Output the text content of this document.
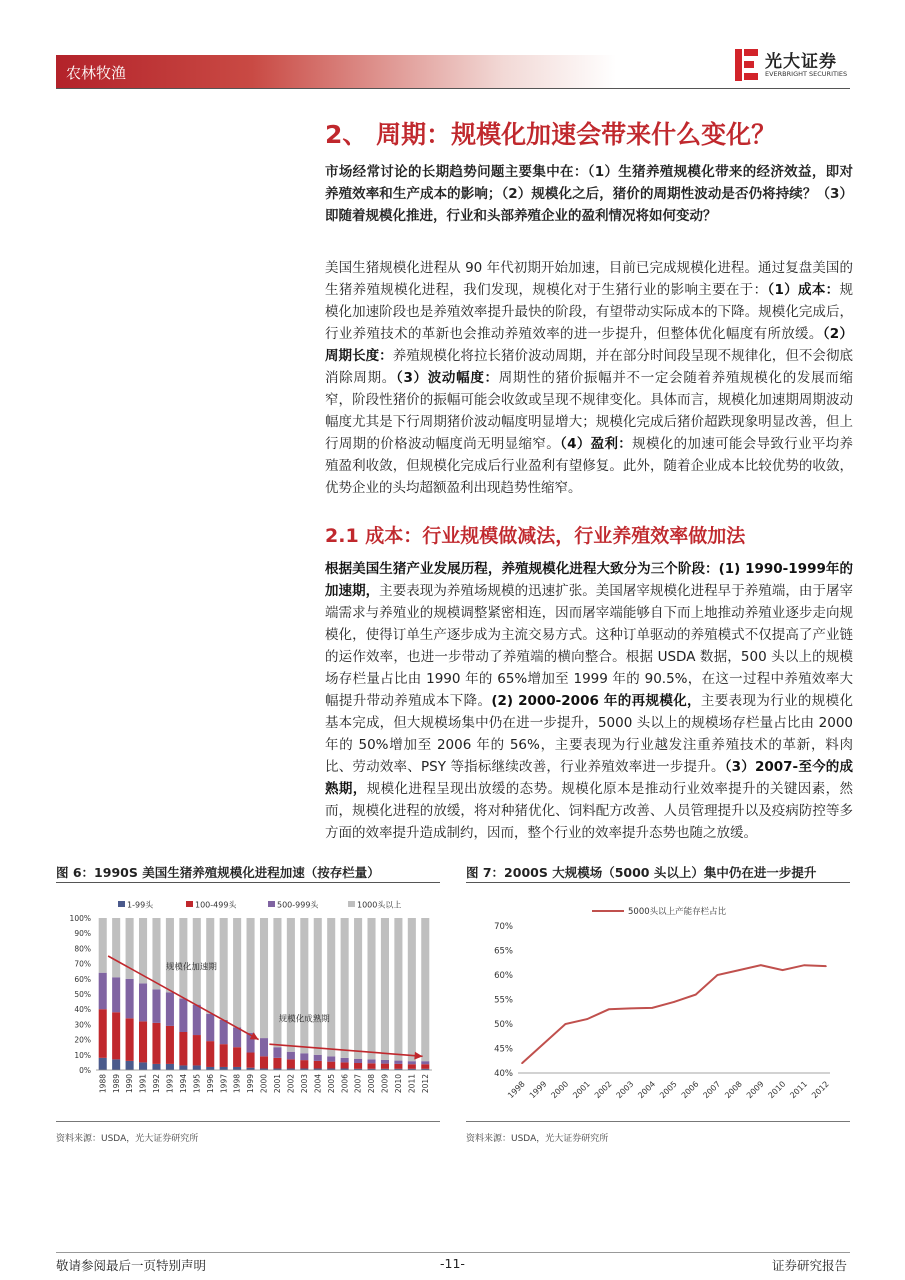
农林牧渔
光大证券
EVERBRIGHT SECURITIES
2、 周期：规模化加速会带来什么变化？
市场经常讨论的长期趋势问题主要集中在：（1）生猪养殖规模化带来的经济效益，即对养殖效率和生产成本的影响；（2）规模化之后，猪价的周期性波动是否仍将持续？（3）即随着规模化推进，行业和头部养殖企业的盈利情况将如何变动？
美国生猪规模化进程从 90 年代初期开始加速，目前已完成规模化进程。通过复盘美国的生猪养殖规模化进程，我们发现，规模化对于生猪行业的影响主要在于：（1）成本：规模化加速阶段也是养殖效率提升最快的阶段，有望带动实际成本的下降。规模化完成后，行业养殖技术的革新也会推动养殖效率的进一步提升，但整体优化幅度有所放缓。（2）周期长度：养殖规模化将拉长猪价波动周期，并在部分时间段呈现不规律化，但不会彻底消除周期。（3）波动幅度：周期性的猪价振幅并不一定会随着养殖规模化的发展而缩窄，阶段性猪价的振幅可能会收敛或呈现不规律变化。具体而言，规模化加速期周期波动幅度尤其是下行周期猪价波动幅度明显增大；规模化完成后猪价超跌现象明显改善，但上行周期的价格波动幅度尚无明显缩窄。（4）盈利：规模化的加速可能会导致行业平均养殖盈利收敛，但规模化完成后行业盈利有望修复。此外，随着企业成本比较优势的收敛，优势企业的头均超额盈利出现趋势性缩窄。
2.1 成本：行业规模做减法，行业养殖效率做加法
根据美国生猪产业发展历程，养殖规模化进程大致分为三个阶段：(1) 1990-1999年的加速期，主要表现为养殖场规模的迅速扩张。美国屠宰规模化进程早于养殖端，由于屠宰端需求与养殖业的规模调整紧密相连，因而屠宰端能够自下而上地推动养殖业逐步走向规模化，使得订单生产逐步成为主流交易方式。这种订单驱动的养殖模式不仅提高了产业链的运作效率，也进一步带动了养殖端的横向整合。根据 USDA 数据，500 头以上的规模场存栏量占比由 1990 年的 65%增加至 1999 年的 90.5%，在这一过程中养殖效率大幅提升带动养殖成本下降。(2) 2000-2006 年的再规模化，主要表现为行业的规模化基本完成，但大规模场集中仍在进一步提升，5000 头以上的规模场存栏量占比由 2000 年的 50%增加至 2006 年的 56%，主要表现为行业越发注重养殖技术的革新，料肉比、劳动效率、PSY 等指标继续改善，行业养殖效率进一步提升。（3）2007-至今的成熟期，规模化进程呈现出放缓的态势。规模化原本是推动行业效率提升的关键因素，然而，规模化进程的放缓，将对种猪优化、饲料配方改善、人员管理提升以及疫病防控等多方面的效率提升造成制约，因而，整个行业的效率提升态势也随之放缓。
图 6：1990S 美国生猪养殖规模化进程加速（按存栏量）
1-99头	100-499头	500-999头	1000头以上
0%
10%
20%
30%
40%
50%
60%
70%
80%
90%
100%
1988 1989 1990 1991 1992 1993 1994 1995 1996 1997 1998 1999 2000 2001 2002 2003 2004 2005 2006 2007 2008 2009 2010 2011 2012
规模化加速期
规模化成熟期
资料来源：USDA，光大证券研究所
图 7：2000S 大规模场（5000 头以上）集中仍在进一步提升
5000头以上产能存栏占比
40%
45%
50%
55%
60%
65%
70%
1998 1999 2000 2001 2002 2003 2004 2005 2006 2007 2008 2009 2010 2011 2012
资料来源：USDA，光大证券研究所
敬请参阅最后一页特别声明	-11-	证券研究报告
